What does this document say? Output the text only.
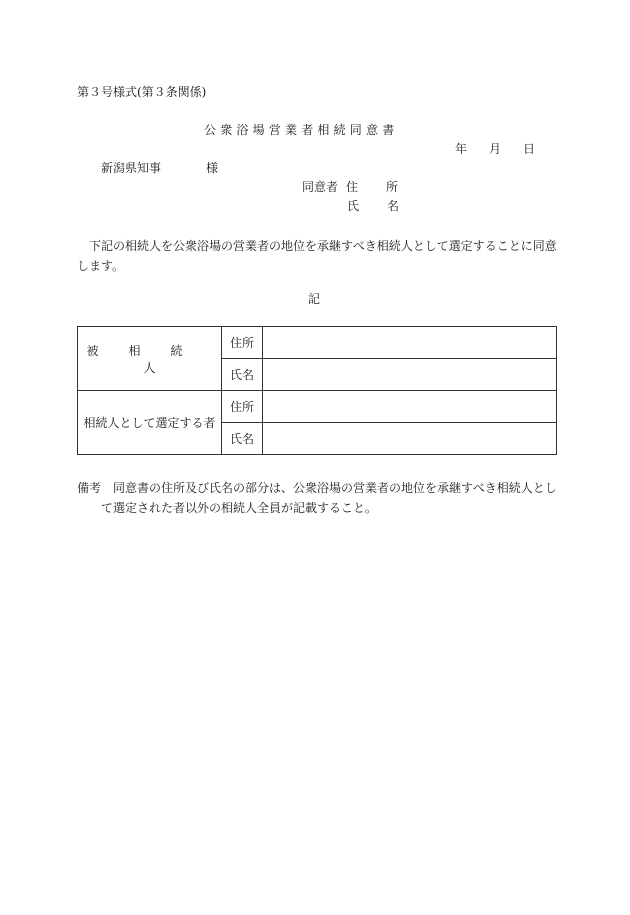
第３号様式(第３条関係)
公衆浴場営業者相続同意書
年 月 日
新潟県知事	様
同意者 住　所
氏　名
下記の相続人を公衆浴場の営業者の地位を承継すべき相続人として選定することに同意します。
記
被相続人	住所	
	氏名	
相続人として選定する者	住所	
	氏名	
備考 同意書の住所及び氏名の部分は、公衆浴場の営業者の地位を承継すべき相続人とし
て選定された者以外の相続人全員が記載すること。
